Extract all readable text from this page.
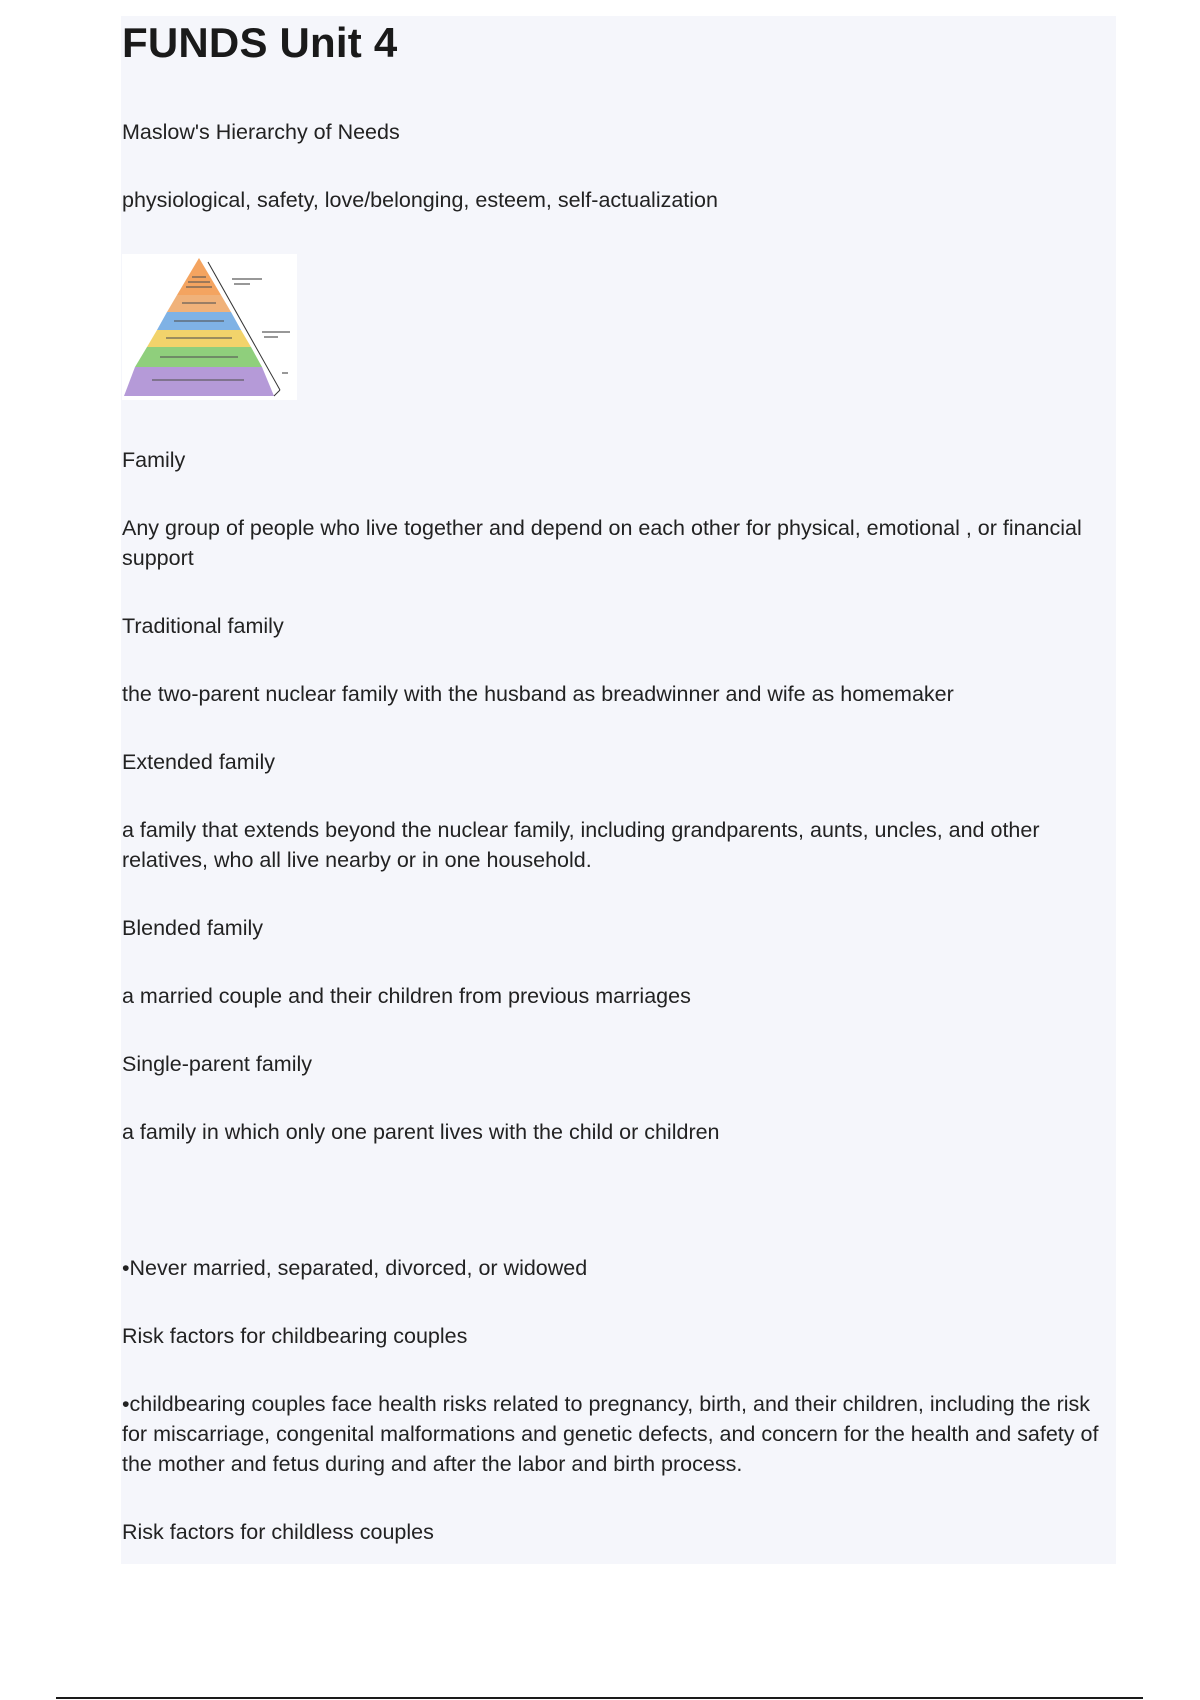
FUNDS Unit 4

Maslow's Hierarchy of Needs

physiological, safety, love/belonging, esteem, self-actualization

Family

Any group of people who live together and depend on each other for physical, emotional , or financial support

Traditional family

the two-parent nuclear family with the husband as breadwinner and wife as homemaker

Extended family

a family that extends beyond the nuclear family, including grandparents, aunts, uncles, and other relatives, who all live nearby or in one household.

Blended family

a married couple and their children from previous marriages

Single-parent family

a family in which only one parent lives with the child or children

•Never married, separated, divorced, or widowed

Risk factors for childbearing couples

•childbearing couples face health risks related to pregnancy, birth, and their children, including the risk for miscarriage, congenital malformations and genetic defects, and concern for the health and safety of the mother and fetus during and after the labor and birth process.

Risk factors for childless couples
